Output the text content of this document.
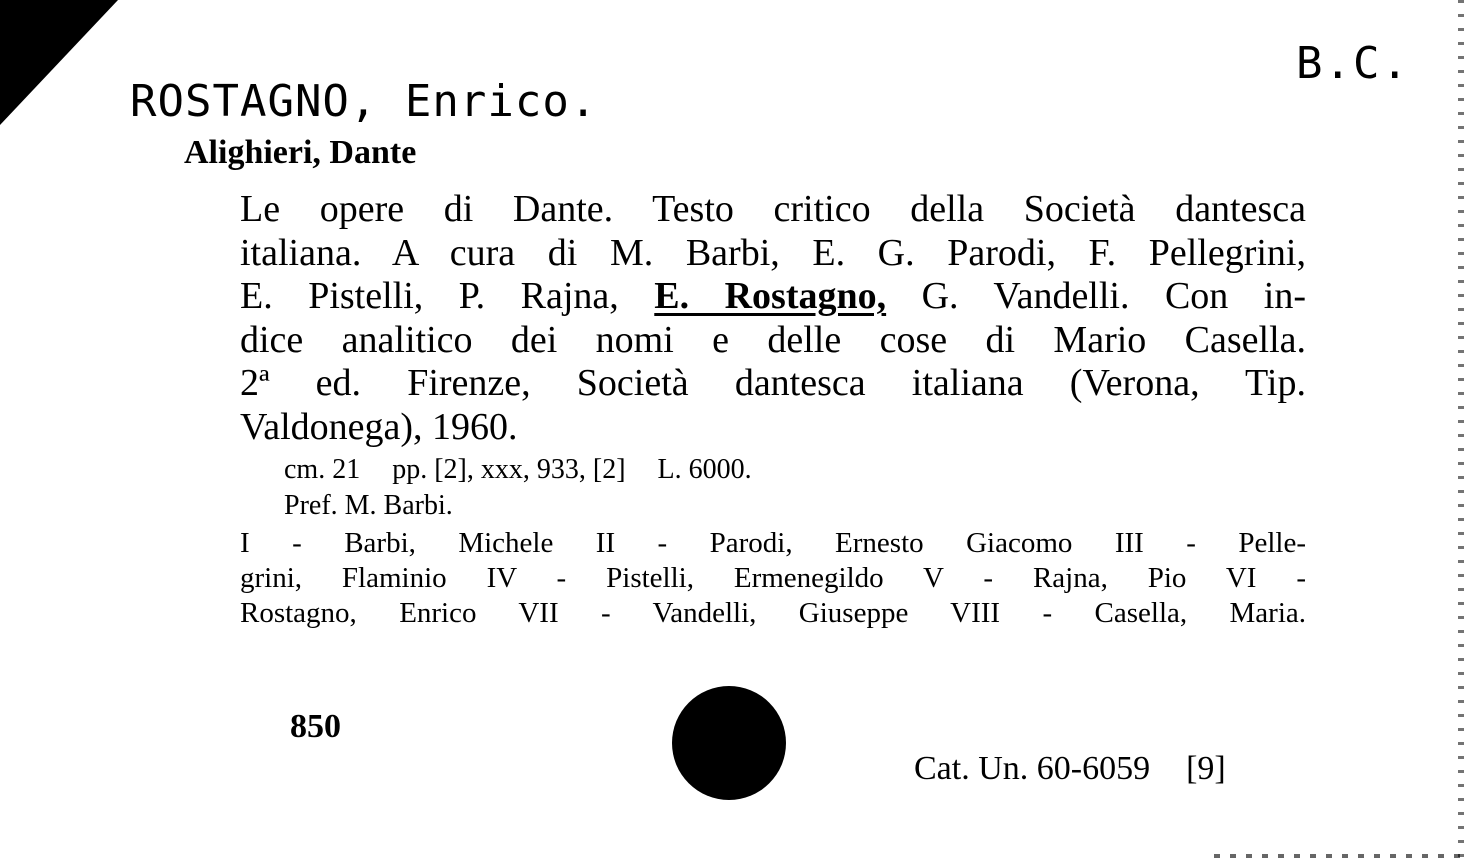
B.C.
ROSTAGNO, Enrico.
Alighieri, Dante
Le opere di Dante. Testo critico della Società dantesca
italiana. A cura di M. Barbi, E. G. Parodi, F. Pellegrini,
E. Pistelli, P. Rajna, E. Rostagno, G. Vandelli. Con in-
dice analitico dei nomi e delle cose di Mario Casella.
2ª ed. Firenze, Società dantesca italiana (Verona, Tip.
Valdonega), 1960.
cm. 21 pp. [2], xxx, 933, [2] L. 6000.
Pref. M. Barbi.
I - Barbi, Michele II - Parodi, Ernesto Giacomo III - Pelle-
grini, Flaminio IV - Pistelli, Ermenegildo V - Rajna, Pio VI -
Rostagno, Enrico VII - Vandelli, Giuseppe VIII - Casella, Maria.
850
Cat. Un. 60-6059 [9]
